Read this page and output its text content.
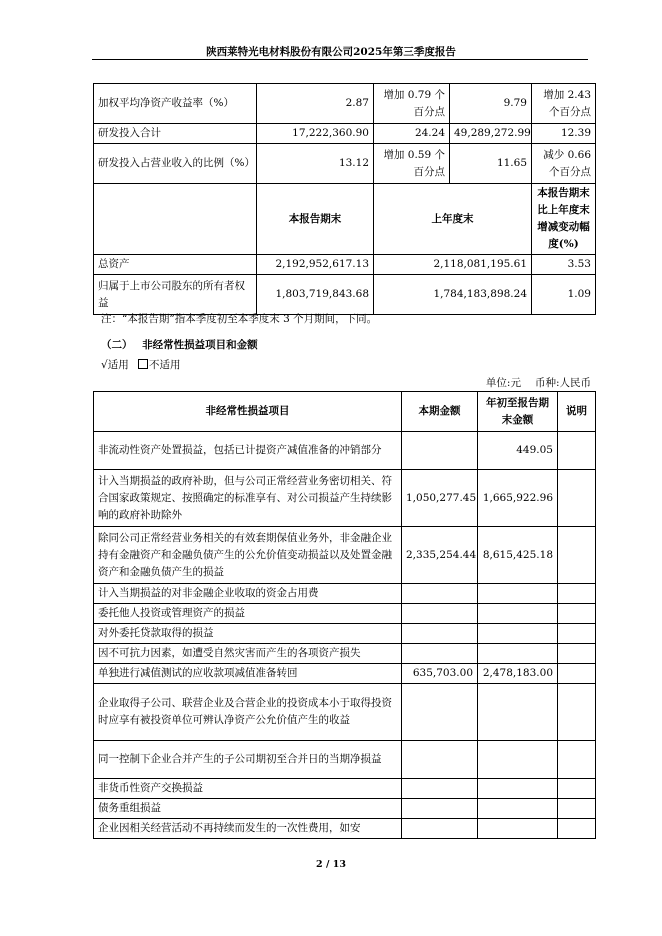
陕西莱特光电材料股份有限公司2025年第三季度报告
加权平均净资产收益率（%）	2.87	增加 0.79 个百分点	9.79	增加 2.43 个百分点
研发投入合计	17,222,360.90	24.24	49,289,272.99	12.39
研发投入占营业收入的比例（%）	13.12	增加 0.59 个百分点	11.65	减少 0.66 个百分点
	本报告期末	上年度末		本报告期末比上年度末增减变动幅度(%)
总资产	2,192,952,617.13	2,118,081,195.61		3.53
归属于上市公司股东的所有者权益	1,803,719,843.68	1,784,183,898.24		1.09
注：“本报告期”指本季度初至本季度末 3 个月期间，下同。
（二） 非经常性损益项目和金额
√适用 不适用
单位:元 币种:人民币
非经常性损益项目	本期金额	年初至报告期末金额	说明
非流动性资产处置损益，包括已计提资产减值准备的冲销部分		449.05	
计入当期损益的政府补助，但与公司正常经营业务密切相关、符合国家政策规定、按照确定的标准享有、对公司损益产生持续影响的政府补助除外	1,050,277.45	1,665,922.96	
除同公司正常经营业务相关的有效套期保值业务外，非金融企业持有金融资产和金融负债产生的公允价值变动损益以及处置金融资产和金融负债产生的损益	2,335,254.44	8,615,425.18	
计入当期损益的对非金融企业收取的资金占用费			
委托他人投资或管理资产的损益			
对外委托贷款取得的损益			
因不可抗力因素，如遭受自然灾害而产生的各项资产损失			
单独进行减值测试的应收款项减值准备转回	635,703.00	2,478,183.00	
企业取得子公司、联营企业及合营企业的投资成本小于取得投资时应享有被投资单位可辨认净资产公允价值产生的收益			
同一控制下企业合并产生的子公司期初至合并日的当期净损益			
非货币性资产交换损益			
债务重组损益			
企业因相关经营活动不再持续而发生的一次性费用，如安			
2 / 13
